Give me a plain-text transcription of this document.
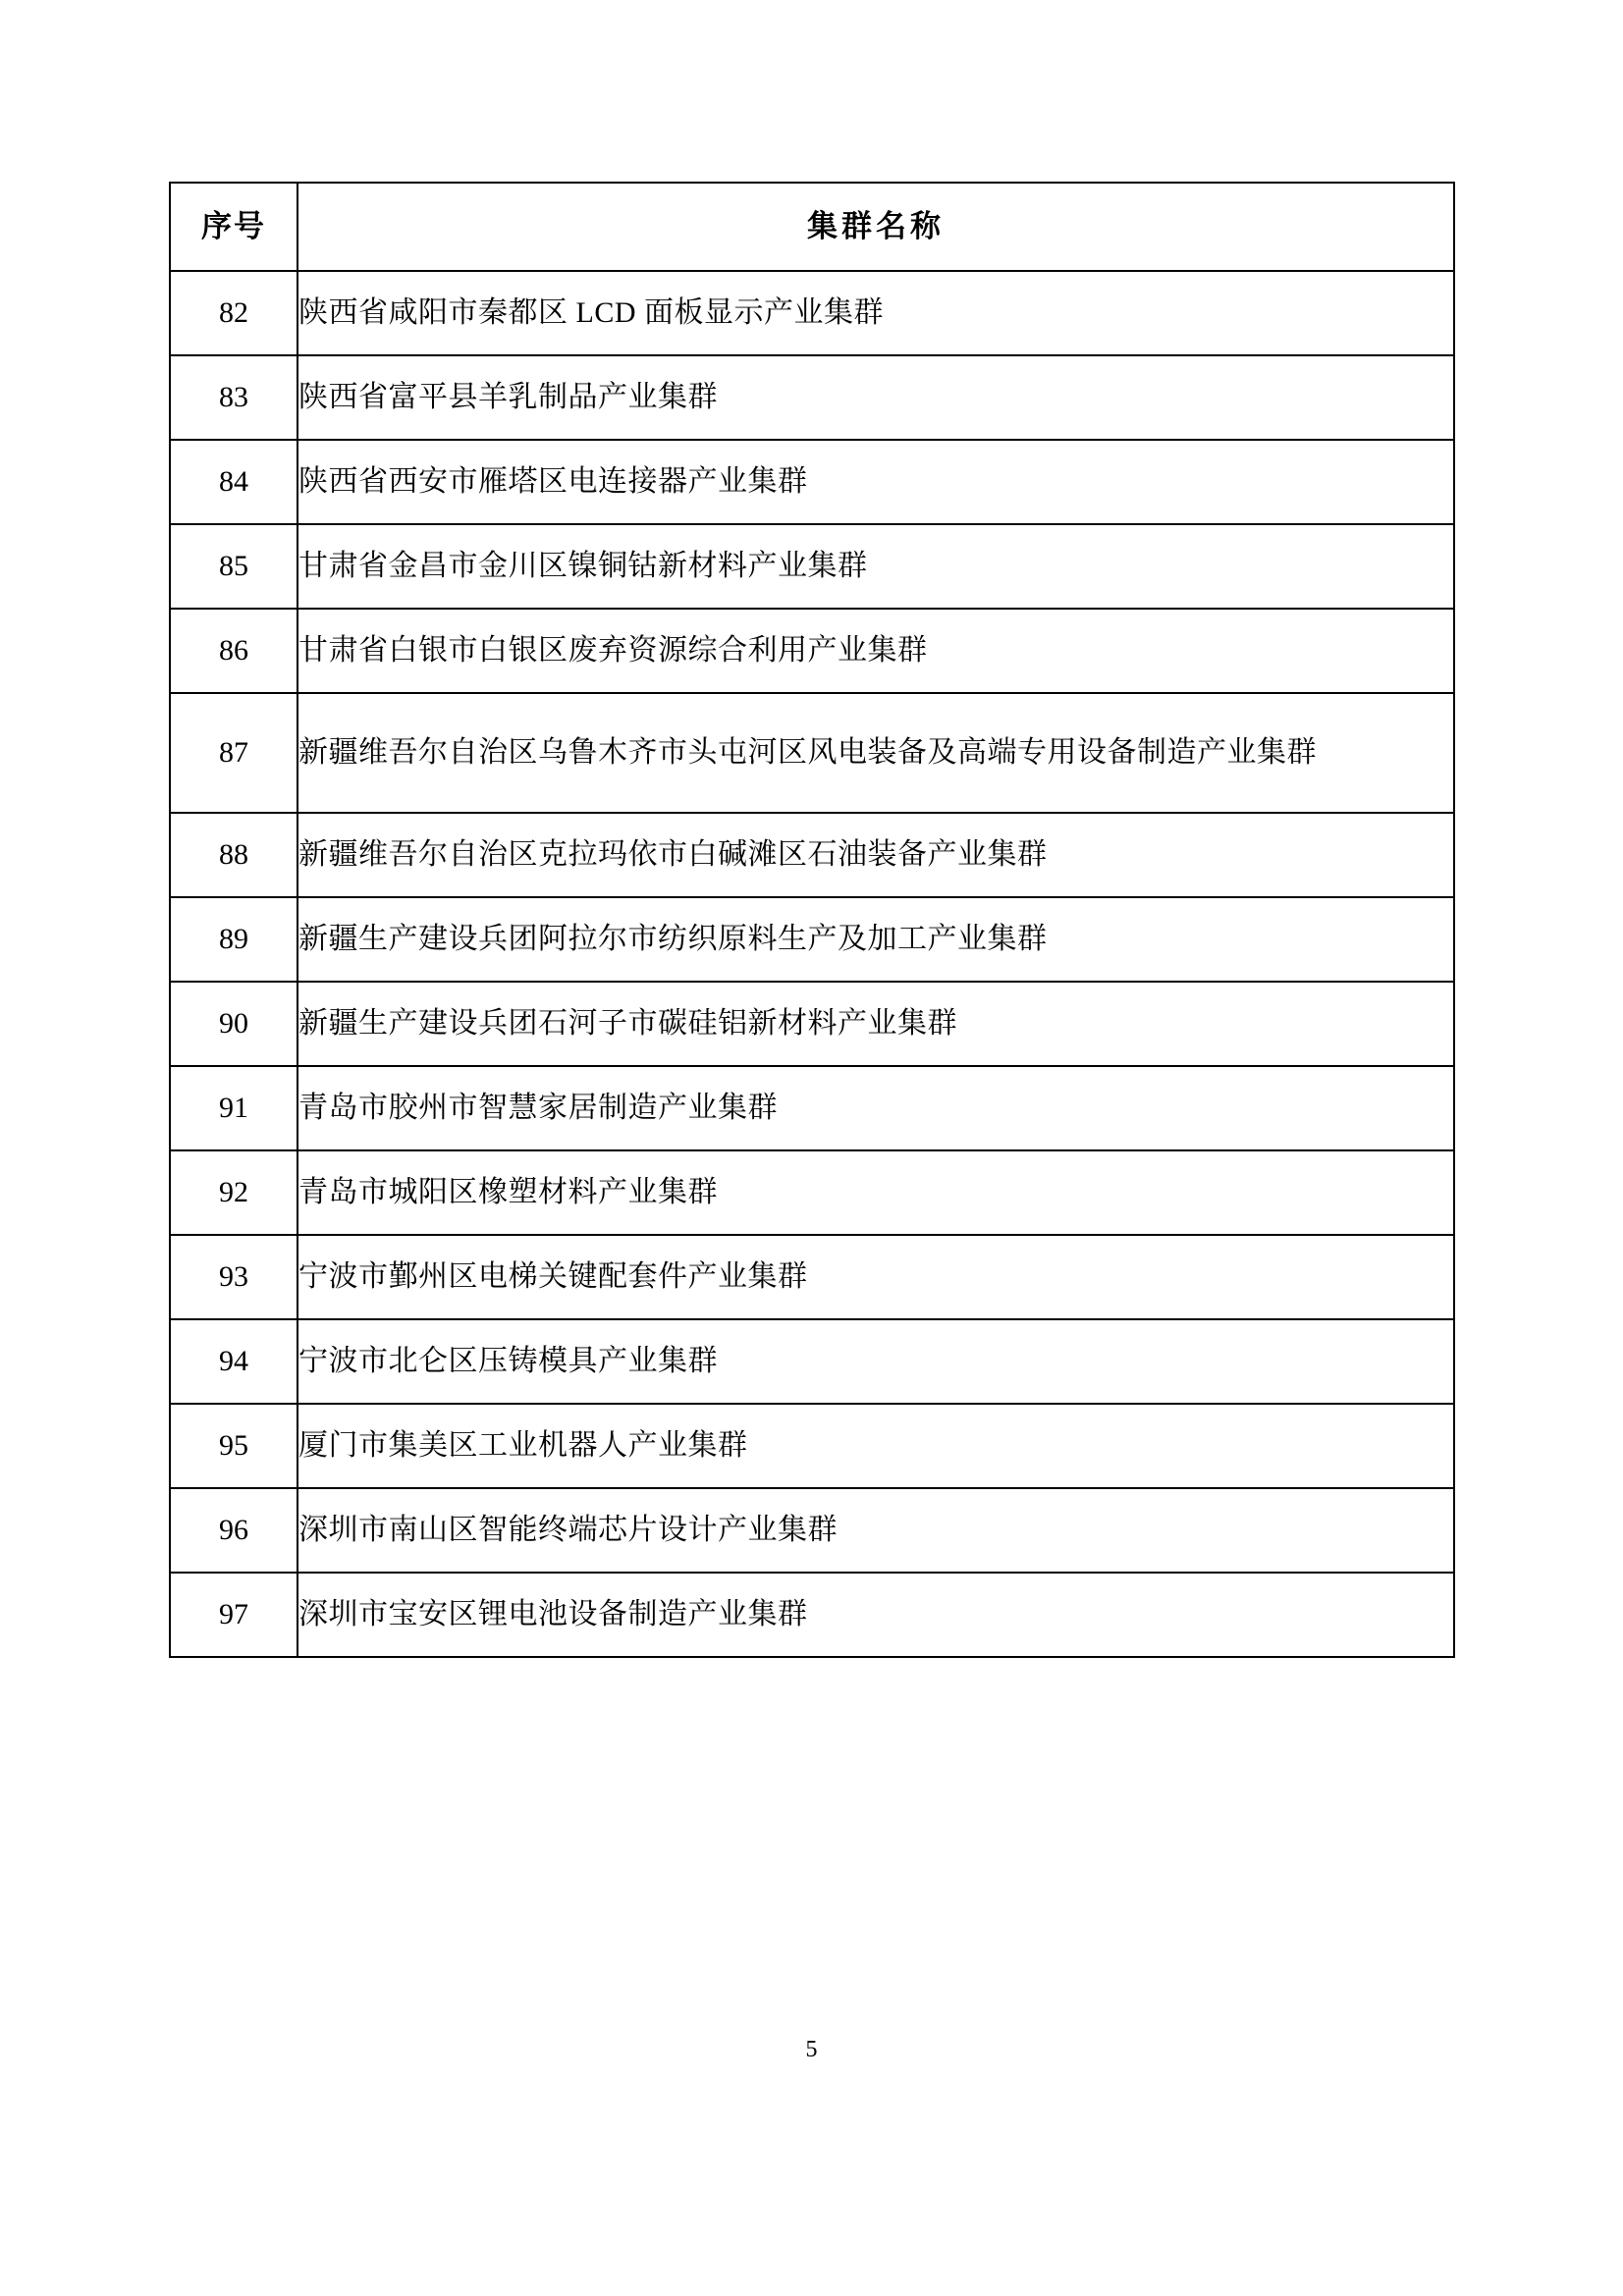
序号	集群名称
82	陕西省咸阳市秦都区 LCD 面板显示产业集群
83	陕西省富平县羊乳制品产业集群
84	陕西省西安市雁塔区电连接器产业集群
85	甘肃省金昌市金川区镍铜钴新材料产业集群
86	甘肃省白银市白银区废弃资源综合利用产业集群
87	新疆维吾尔自治区乌鲁木齐市头屯河区风电装备及高端专用设备制造产业集群
88	新疆维吾尔自治区克拉玛依市白碱滩区石油装备产业集群
89	新疆生产建设兵团阿拉尔市纺织原料生产及加工产业集群
90	新疆生产建设兵团石河子市碳硅铝新材料产业集群
91	青岛市胶州市智慧家居制造产业集群
92	青岛市城阳区橡塑材料产业集群
93	宁波市鄞州区电梯关键配套件产业集群
94	宁波市北仑区压铸模具产业集群
95	厦门市集美区工业机器人产业集群
96	深圳市南山区智能终端芯片设计产业集群
97	深圳市宝安区锂电池设备制造产业集群
5
